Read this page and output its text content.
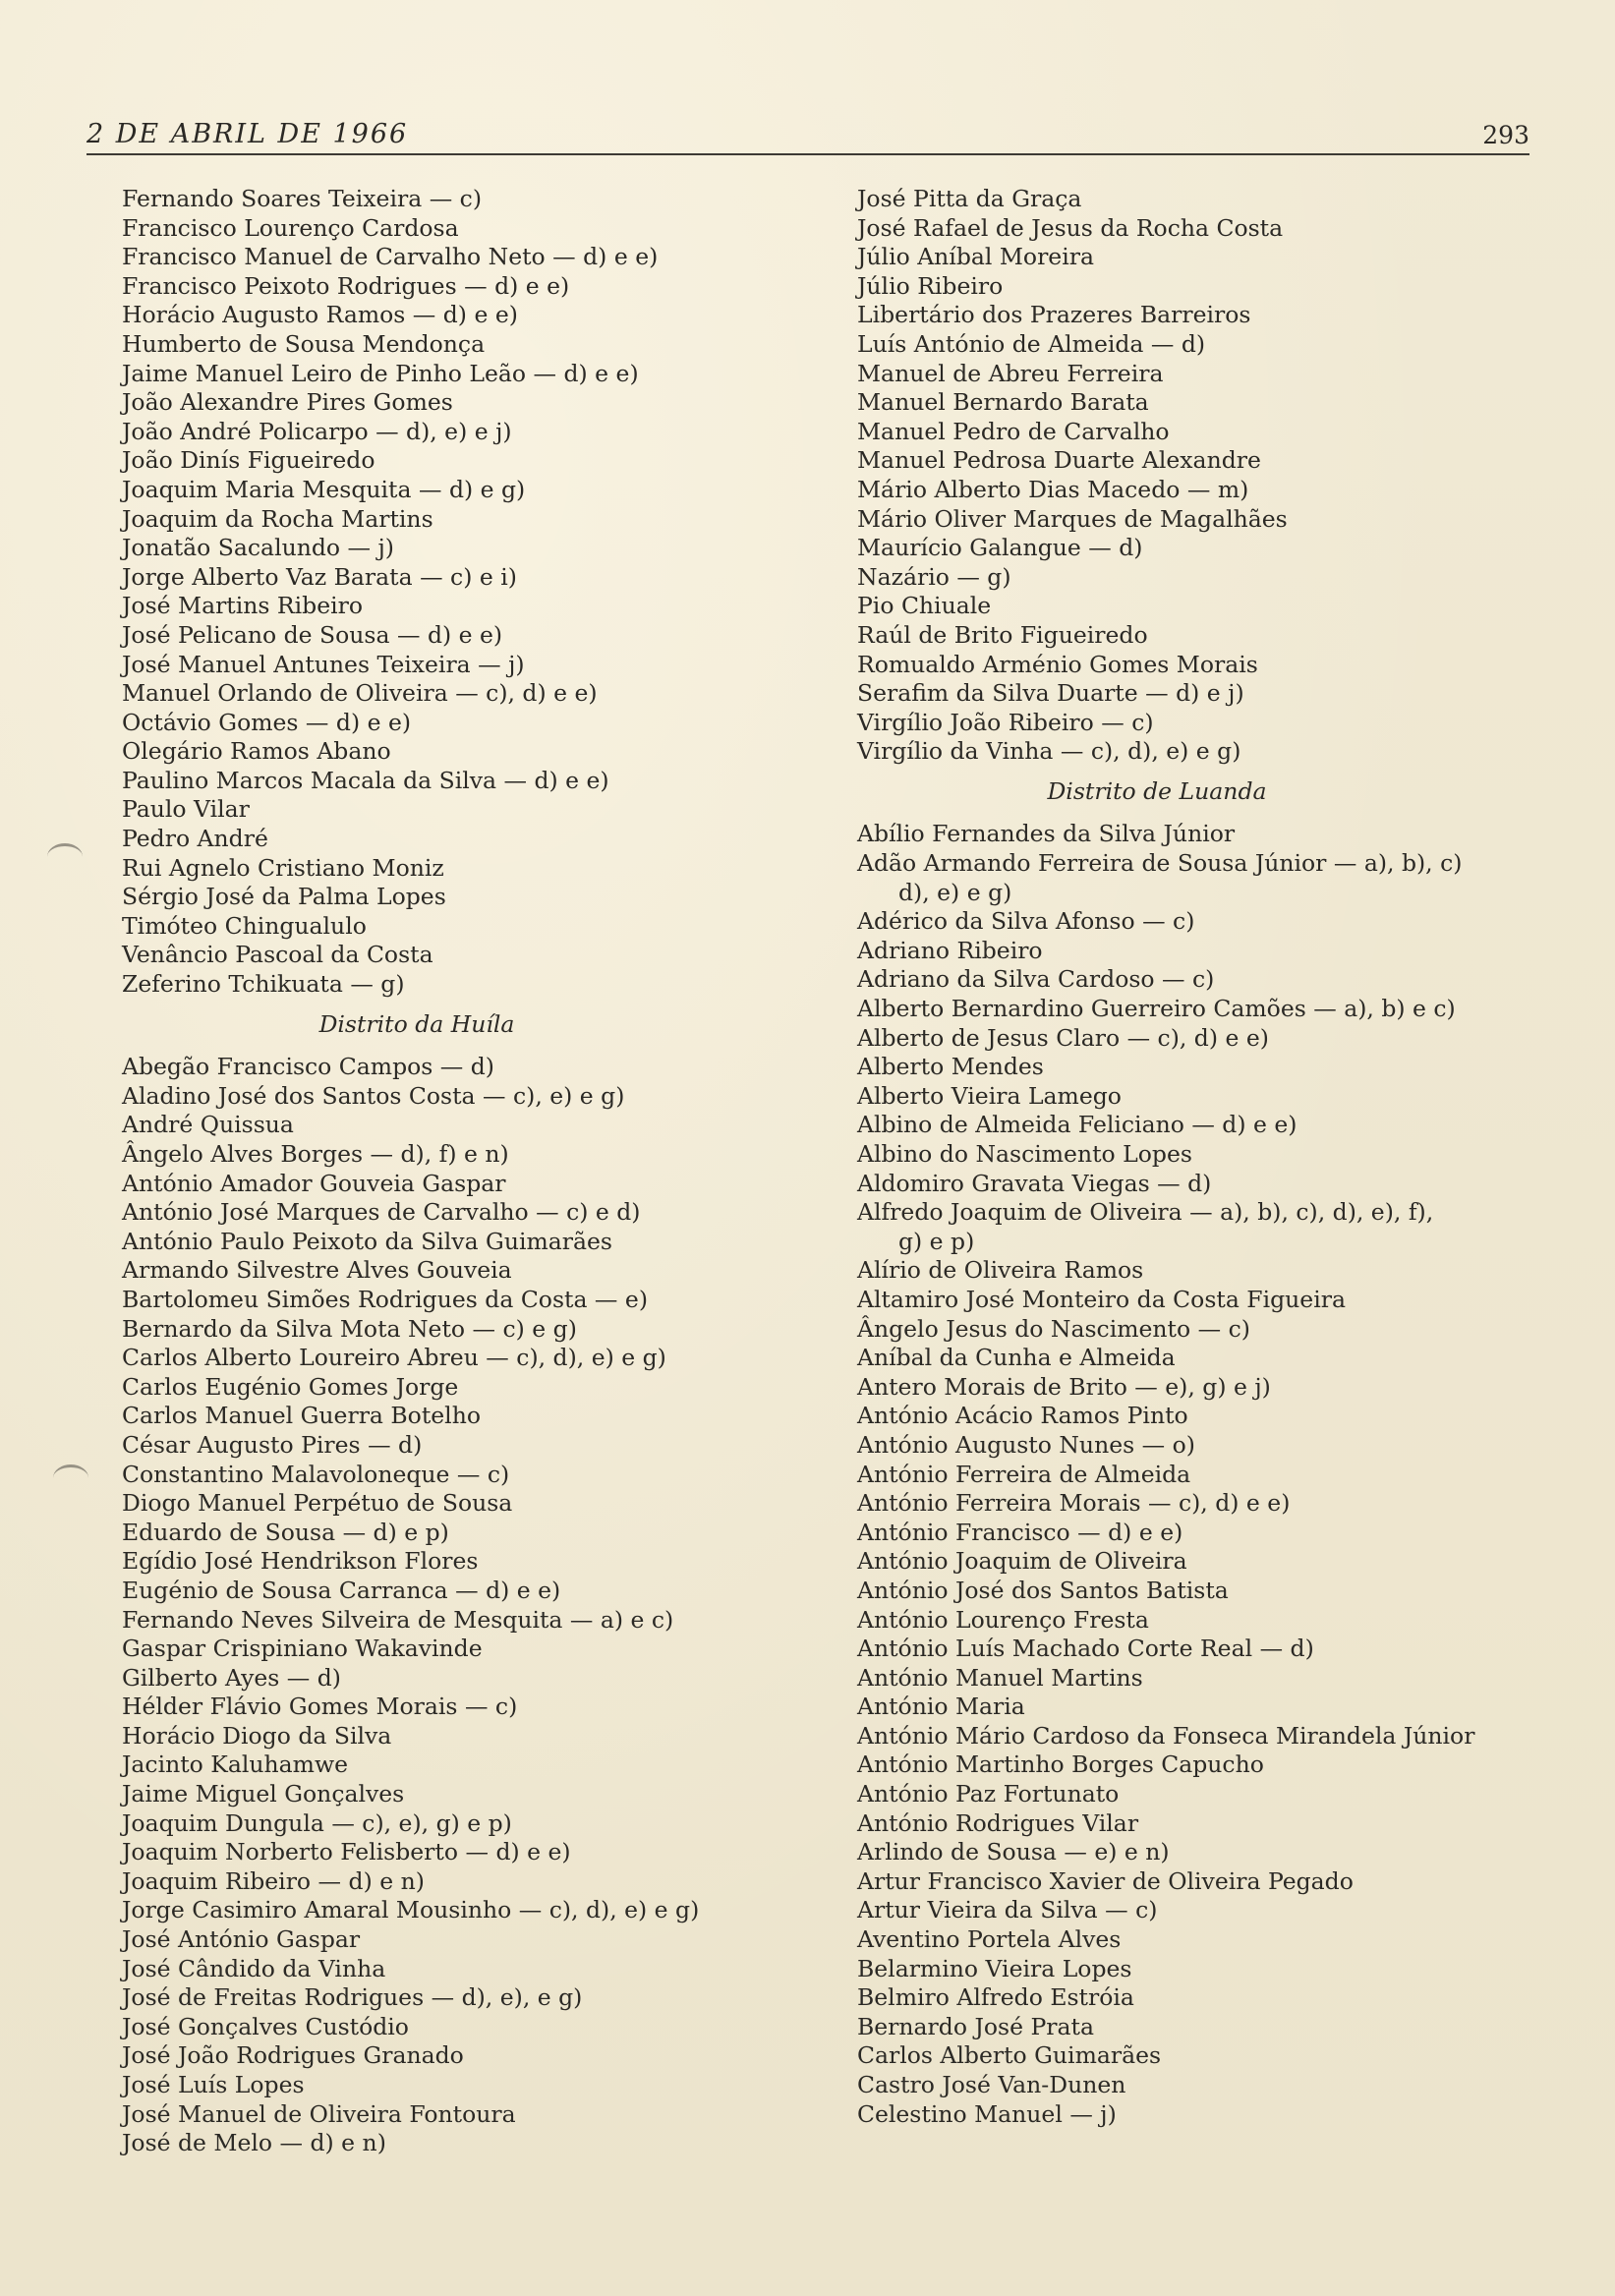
2 DE ABRIL DE 1966	293
Fernando Soares Teixeira — c)
Francisco Lourenço Cardosa
Francisco Manuel de Carvalho Neto — d) e e)
Francisco Peixoto Rodrigues — d) e e)
Horácio Augusto Ramos — d) e e)
Humberto de Sousa Mendonça
Jaime Manuel Leiro de Pinho Leão — d) e e)
João Alexandre Pires Gomes
João André Policarpo — d), e) e j)
João Dinís Figueiredo
Joaquim Maria Mesquita — d) e g)
Joaquim da Rocha Martins
Jonatão Sacalundo — j)
Jorge Alberto Vaz Barata — c) e i)
José Martins Ribeiro
José Pelicano de Sousa — d) e e)
José Manuel Antunes Teixeira — j)
Manuel Orlando de Oliveira — c), d) e e)
Octávio Gomes — d) e e)
Olegário Ramos Abano
Paulino Marcos Macala da Silva — d) e e)
Paulo Vilar
Pedro André
Rui Agnelo Cristiano Moniz
Sérgio José da Palma Lopes
Timóteo Chingualulo
Venâncio Pascoal da Costa
Zeferino Tchikuata — g)
Distrito da Huíla
Abegão Francisco Campos — d)
Aladino José dos Santos Costa — c), e) e g)
André Quissua
Ângelo Alves Borges — d), f) e n)
António Amador Gouveia Gaspar
António José Marques de Carvalho — c) e d)
António Paulo Peixoto da Silva Guimarães
Armando Silvestre Alves Gouveia
Bartolomeu Simões Rodrigues da Costa — e)
Bernardo da Silva Mota Neto — c) e g)
Carlos Alberto Loureiro Abreu — c), d), e) e g)
Carlos Eugénio Gomes Jorge
Carlos Manuel Guerra Botelho
César Augusto Pires — d)
Constantino Malavoloneque — c)
Diogo Manuel Perpétuo de Sousa
Eduardo de Sousa — d) e p)
Egídio José Hendrikson Flores
Eugénio de Sousa Carranca — d) e e)
Fernando Neves Silveira de Mesquita — a) e c)
Gaspar Crispiniano Wakavinde
Gilberto Ayes — d)
Hélder Flávio Gomes Morais — c)
Horácio Diogo da Silva
Jacinto Kaluhamwe
Jaime Miguel Gonçalves
Joaquim Dungula — c), e), g) e p)
Joaquim Norberto Felisberto — d) e e)
Joaquim Ribeiro — d) e n)
Jorge Casimiro Amaral Mousinho — c), d), e) e g)
José António Gaspar
José Cândido da Vinha
José de Freitas Rodrigues — d), e), e g)
José Gonçalves Custódio
José João Rodrigues Granado
José Luís Lopes
José Manuel de Oliveira Fontoura
José de Melo — d) e n)
José Pitta da Graça
José Rafael de Jesus da Rocha Costa
Júlio Aníbal Moreira
Júlio Ribeiro
Libertário dos Prazeres Barreiros
Luís António de Almeida — d)
Manuel de Abreu Ferreira
Manuel Bernardo Barata
Manuel Pedro de Carvalho
Manuel Pedrosa Duarte Alexandre
Mário Alberto Dias Macedo — m)
Mário Oliver Marques de Magalhães
Maurício Galangue — d)
Nazário — g)
Pio Chiuale
Raúl de Brito Figueiredo
Romualdo Arménio Gomes Morais
Serafim da Silva Duarte — d) e j)
Virgílio João Ribeiro — c)
Virgílio da Vinha — c), d), e) e g)
Distrito de Luanda
Abílio Fernandes da Silva Júnior
Adão Armando Ferreira de Sousa Júnior — a), b), c)
d), e) e g)
Adérico da Silva Afonso — c)
Adriano Ribeiro
Adriano da Silva Cardoso — c)
Alberto Bernardino Guerreiro Camões — a), b) e c)
Alberto de Jesus Claro — c), d) e e)
Alberto Mendes
Alberto Vieira Lamego
Albino de Almeida Feliciano — d) e e)
Albino do Nascimento Lopes
Aldomiro Gravata Viegas — d)
Alfredo Joaquim de Oliveira — a), b), c), d), e), f),
g) e p)
Alírio de Oliveira Ramos
Altamiro José Monteiro da Costa Figueira
Ângelo Jesus do Nascimento — c)
Aníbal da Cunha e Almeida
Antero Morais de Brito — e), g) e j)
António Acácio Ramos Pinto
António Augusto Nunes — o)
António Ferreira de Almeida
António Ferreira Morais — c), d) e e)
António Francisco — d) e e)
António Joaquim de Oliveira
António José dos Santos Batista
António Lourenço Fresta
António Luís Machado Corte Real — d)
António Manuel Martins
António Maria
António Mário Cardoso da Fonseca Mirandela Júnior
António Martinho Borges Capucho
António Paz Fortunato
António Rodrigues Vilar
Arlindo de Sousa — e) e n)
Artur Francisco Xavier de Oliveira Pegado
Artur Vieira da Silva — c)
Aventino Portela Alves
Belarmino Vieira Lopes
Belmiro Alfredo Estróia
Bernardo José Prata
Carlos Alberto Guimarães
Castro José Van-Dunen
Celestino Manuel — j)
